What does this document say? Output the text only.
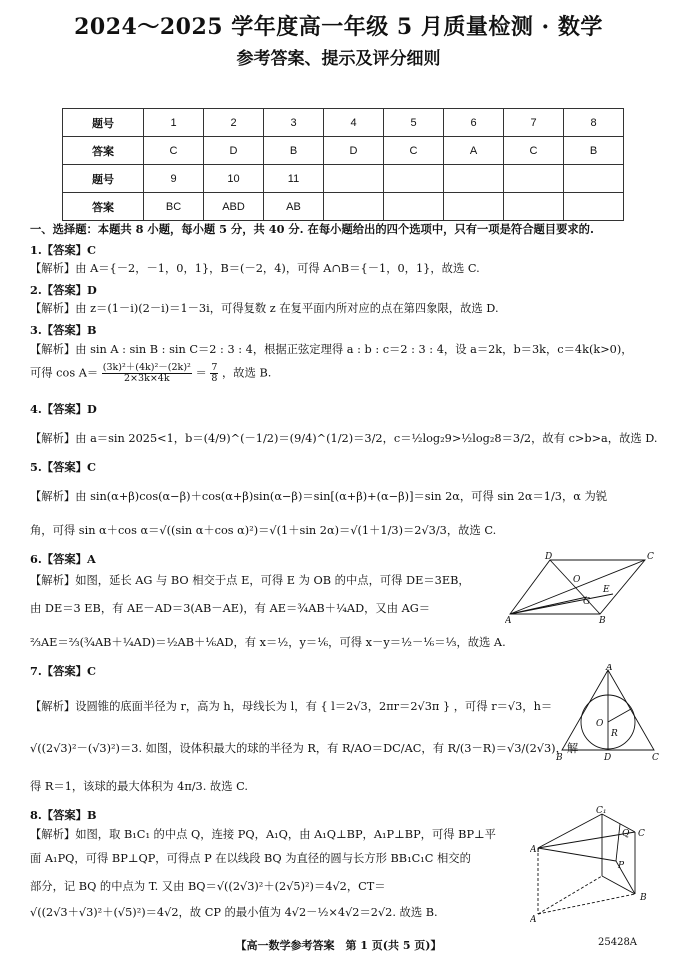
2024～2025 学年度高一年级 5 月质量检测 · 数学
参考答案、提示及评分细则
题号	1	2	3	4	5	6	7	8
答案	C	D	B	D	C	A	C	B
题号	9	10	11					
答案	BC	ABD	AB					
一、选择题：本题共 8 小题，每小题 5 分，共 40 分. 在每小题给出的四个选项中，只有一项是符合题目要求的.
1.【答案】C
【解析】由 A＝{－2，－1，0，1}，B＝(－2，4)，可得 A∩B＝{－1，0，1}，故选 C.
2.【答案】D
【解析】由 z＝(1－i)(2－i)＝1－3i，可得复数 z 在复平面内所对应的点在第四象限，故选 D.
3.【答案】B
【解析】由 sin A : sin B : sin C＝2 : 3 : 4，根据正弦定理得 a : b : c＝2 : 3 : 4，设 a＝2k，b＝3k，c＝4k(k>0)，
可得 $\cos A= \frac{\text{(3k)²＋(4k)²－(2k)²}}{2\times 3k\times 4k} = \frac{7}{8}$ ，故选 B.
4.【答案】D
【解析】由 a＝sin 2025<1，b＝(4/9)^(－1/2)＝(9/4)^(1/2)＝3/2，c＝½log₂9>½log₂8＝3/2，故有 c>b>a，故选 D.
5.【答案】C
【解析】由 sin(α+β)cos(α−β)＋cos(α+β)sin(α−β)＝sin[(α+β)+(α−β)]＝sin 2α，可得 sin 2α＝1/3，α 为锐
角，可得 sin α＋cos α＝√((sin α＋cos α)²)＝√(1＋sin 2α)＝√(1＋1/3)＝2√3/3，故选 C.
6.【答案】A
【解析】如图，延长 AG 与 BO 相交于点 E，可得 E 为 OB 的中点，可得 DE＝3EB，
由 DE＝3 EB，有 AE－AD＝3(AB－AE)，有 AE＝¾AB＋¼AD，又由 AG＝
⅔AE＝⅔(¾AB＋¼AD)＝½AB＋⅙AD，有 x＝½，y＝⅙，可得 x－y＝½－⅙＝⅓，故选 A.
7.【答案】C
【解析】设圆锥的底面半径为 r，高为 h，母线长为 l，有 { l＝2√3，2πr＝2√3π } ，可得 r＝√3，h＝
√((2√3)²－(√3)²)＝3. 如图，设体积最大的球的半径为 R，有 R/AO＝DC/AC，有 R/(3－R)＝√3/(2√3)，解
得 R＝1，该球的最大体积为 4π/3. 故选 C.
8.【答案】B
【解析】如图，取 B₁C₁ 的中点 Q，连接 PQ，A₁Q，由 A₁Q⊥BP，A₁P⊥BP，可得 BP⊥平
面 A₁PQ，可得 BP⊥QP，可得点 P 在以线段 BQ 为直径的圆与长方形 BB₁C₁C 相交的
部分，记 BQ 的中点为 T. 又由 BQ＝√((2√3)²＋(2√5)²)＝4√2，CT＝
√((2√3＋√3)²＋(√5)²)＝4√2，故 CP 的最小值为 4√2－½×4√2＝2√2. 故选 B.
D	C
O
E
G
A	B
A
O
R
B	D	C
C₁
Q
A₁
P
B
C
A
【高一数学参考答案　第 1 页(共 5 页)】	25428A
